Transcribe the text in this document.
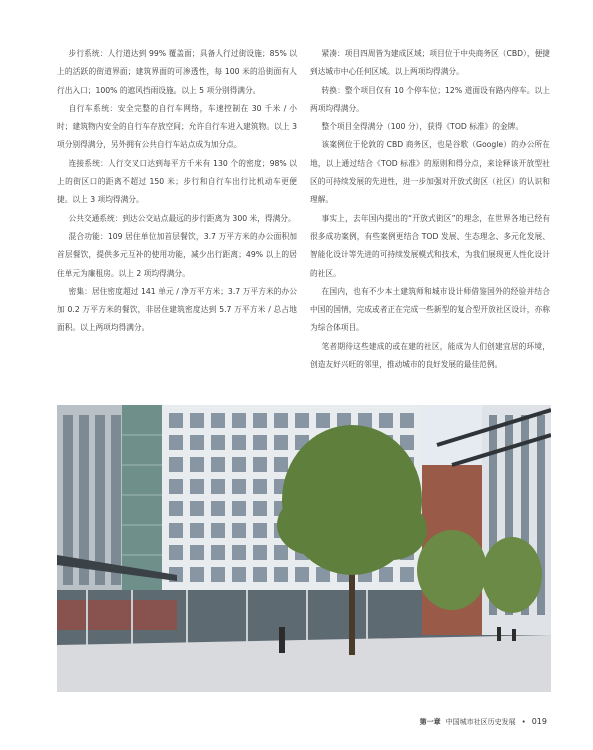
步行系统：人行道达到 99% 覆盖面；具备人行过街设施；85% 以上的活跃的街道界面；建筑界面的可渗透性，每 100 米的沿街面有人行出入口；100% 的遮风挡雨设施。以上 5 项分别得满分。

自行车系统：安全完整的自行车网络，车速控制在 30 千米 / 小时；建筑物内安全的自行车存放空间；允许自行车进入建筑物。以上 3 项分别得满分，另外拥有公共自行车站点成为加分点。

连接系统：人行交叉口达到每平方千米有 130 个的密度；98% 以上的街区口的距离不超过 150 米；步行和自行车出行比机动车更便捷。以上 3 项均得满分。

公共交通系统：到达公交站点最远的步行距离为 300 米，得满分。

混合功能：109 居住单位加首层餐饮，3.7 万平方米的办公面积加首层餐饮，提供多元互补的使用功能，减少出行距离；49% 以上的居住单元为廉租房。以上 2 项均得满分。

密集：居住密度超过 141 单元 / 净万平方米；3.7 万平方米的办公加 0.2 万平方米的餐饮，非居住建筑密度达到 5.7 万平方米 / 总占地面积。以上两项均得满分。

紧凑：项目四周皆为建成区域；项目位于中央商务区（CBD），便捷到达城市中心任何区域。以上两项均得满分。

转换：整个项目仅有 10 个停车位；12% 道面设有路内停车。以上两项均得满分。

整个项目全得满分（100 分），获得《TOD 标准》的金牌。

该案例位于伦敦的 CBD 商务区，也是谷歌（Google）的办公所在地，以上通过结合《TOD 标准》的原则和得分点，来诠释该开放型社区的可持续发展的先进性，进一步加强对开放式街区（社区）的认识和理解。

事实上，去年国内提出的“开放式街区”的理念，在世界各地已经有很多成功案例，有些案例更结合 TOD 发展、生态理念、多元化发展、智能化设计等先进的可持续发展模式和技术，为我们展现更人性化设计的社区。

在国内，也有不少本土建筑师和城市设计师借鉴国外的经验并结合中国的国情，完成或者正在完成一些新型的复合型开放社区设计，亦称为综合体项目。

笔者期待这些建成的或在建的社区，能成为人们创建宜居的环境，创造友好兴旺的邻里，推动城市的良好发展的最佳范例。

第一章 中国城市社区历史发展 • 019
